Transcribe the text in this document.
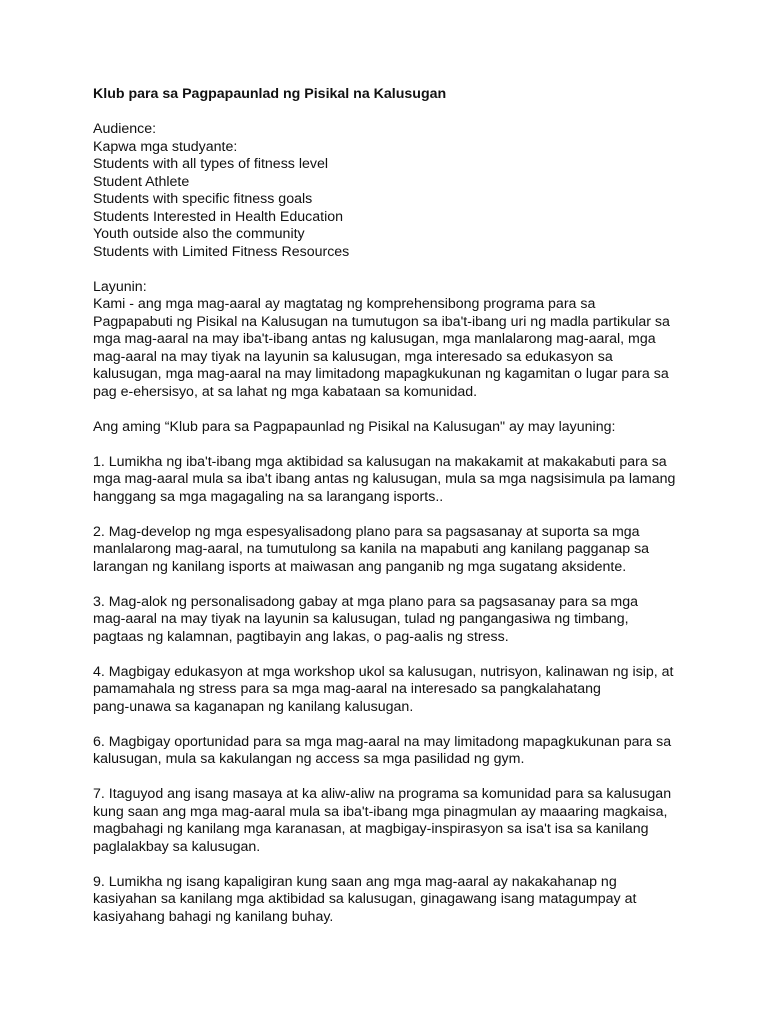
Klub para sa Pagpapaunlad ng Pisikal na Kalusugan
Audience:
Kapwa mga studyante:
Students with all types of fitness level
Student Athlete
Students with specific fitness goals
Students Interested in Health Education
Youth outside also the community
Students with Limited Fitness Resources
Layunin:
Kami - ang mga mag-aaral ay magtatag ng komprehensibong programa para sa
Pagpapabuti ng Pisikal na Kalusugan na tumutugon sa iba't-ibang uri ng madla partikular sa
mga mag-aaral na may iba't-ibang antas ng kalusugan, mga manlalarong mag-aaral, mga
mag-aaral na may tiyak na layunin sa kalusugan, mga interesado sa edukasyon sa
kalusugan, mga mag-aaral na may limitadong mapagkukunan ng kagamitan o lugar para sa
pag e-ehersisyo, at sa lahat ng mga kabataan sa komunidad.
Ang aming “Klub para sa Pagpapaunlad ng Pisikal na Kalusugan" ay may layuning:
1. Lumikha ng iba't-ibang mga aktibidad sa kalusugan na makakamit at makakabuti para sa
mga mag-aaral mula sa iba't ibang antas ng kalusugan, mula sa mga nagsisimula pa lamang
hanggang sa mga magagaling na sa larangang isports..
2. Mag-develop ng mga espesyalisadong plano para sa pagsasanay at suporta sa mga
manlalarong mag-aaral, na tumutulong sa kanila na mapabuti ang kanilang pagganap sa
larangan ng kanilang isports at maiwasan ang panganib ng mga sugatang aksidente.
3. Mag-alok ng personalisadong gabay at mga plano para sa pagsasanay para sa mga
mag-aaral na may tiyak na layunin sa kalusugan, tulad ng pangangasiwa ng timbang,
pagtaas ng kalamnan, pagtibayin ang lakas, o pag-aalis ng stress.
4. Magbigay edukasyon at mga workshop ukol sa kalusugan, nutrisyon, kalinawan ng isip, at
pamamahala ng stress para sa mga mag-aaral na interesado sa pangkalahatang
pang-unawa sa kaganapan ng kanilang kalusugan.
6. Magbigay oportunidad para sa mga mag-aaral na may limitadong mapagkukunan para sa
kalusugan, mula sa kakulangan ng access sa mga pasilidad ng gym.
7. Itaguyod ang isang masaya at ka aliw-aliw na programa sa komunidad para sa kalusugan
kung saan ang mga mag-aaral mula sa iba't-ibang mga pinagmulan ay maaaring magkaisa,
magbahagi ng kanilang mga karanasan, at magbigay-inspirasyon sa isa't isa sa kanilang
paglalakbay sa kalusugan.
9. Lumikha ng isang kapaligiran kung saan ang mga mag-aaral ay nakakahanap ng
kasiyahan sa kanilang mga aktibidad sa kalusugan, ginagawang isang matagumpay at
kasiyahang bahagi ng kanilang buhay.
